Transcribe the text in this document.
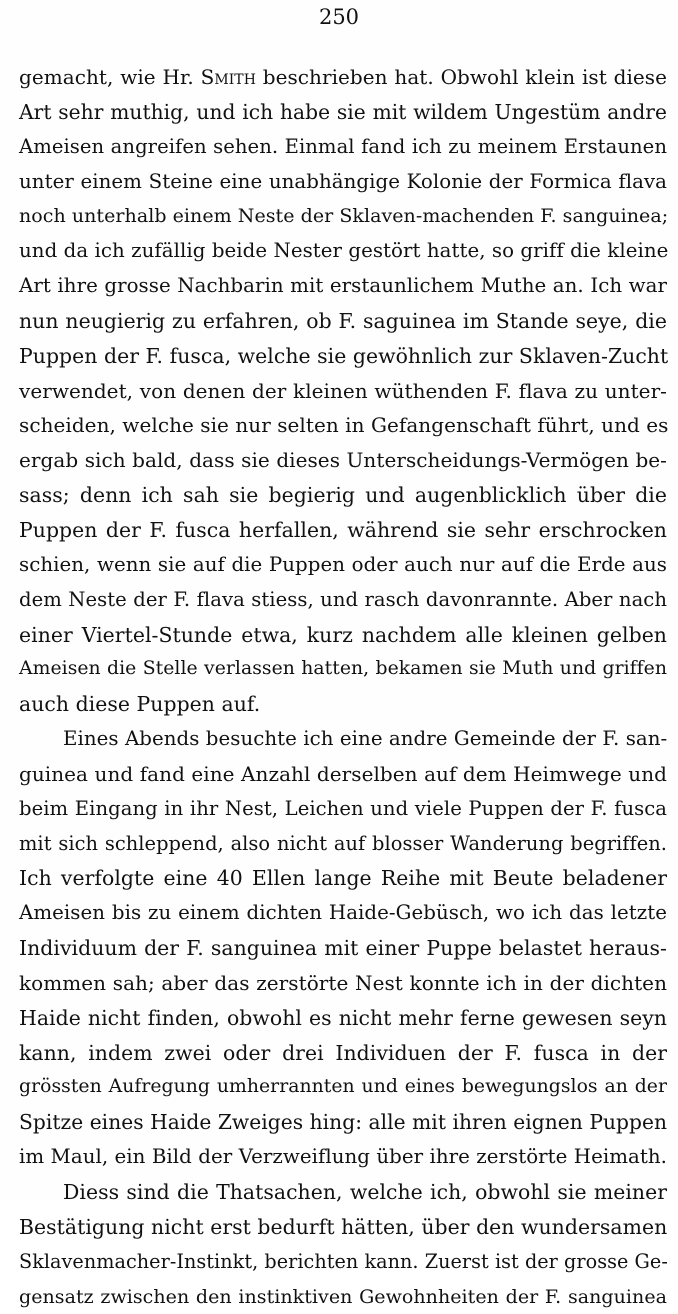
250
gemacht, wie Hr. Smith beschrieben hat. Obwohl klein ist diese
Art sehr muthig, und ich habe sie mit wildem Ungestüm andre
Ameisen angreifen sehen. Einmal fand ich zu meinem Erstaunen
unter einem Steine eine unabhängige Kolonie der Formica flava
noch unterhalb einem Neste der Sklaven-machenden F. sanguinea;
und da ich zufällig beide Nester gestört hatte, so griff die kleine
Art ihre grosse Nachbarin mit erstaunlichem Muthe an. Ich war
nun neugierig zu erfahren, ob F. saguinea im Stande seye, die
Puppen der F. fusca, welche sie gewöhnlich zur Sklaven-Zucht
verwendet, von denen der kleinen wüthenden F. flava zu unter-
scheiden, welche sie nur selten in Gefangenschaft führt, und es
ergab sich bald, dass sie dieses Unterscheidungs-Vermögen be-
sass; denn ich sah sie begierig und augenblicklich über die
Puppen der F. fusca herfallen, während sie sehr erschrocken
schien, wenn sie auf die Puppen oder auch nur auf die Erde aus
dem Neste der F. flava stiess, und rasch davonrannte. Aber nach
einer Viertel-Stunde etwa, kurz nachdem alle kleinen gelben
Ameisen die Stelle verlassen hatten, bekamen sie Muth und griffen
auch diese Puppen auf.
Eines Abends besuchte ich eine andre Gemeinde der F. san-
guinea und fand eine Anzahl derselben auf dem Heimwege und
beim Eingang in ihr Nest, Leichen und viele Puppen der F. fusca
mit sich schleppend, also nicht auf blosser Wanderung begriffen.
Ich verfolgte eine 40 Ellen lange Reihe mit Beute beladener
Ameisen bis zu einem dichten Haide-Gebüsch, wo ich das letzte
Individuum der F. sanguinea mit einer Puppe belastet heraus-
kommen sah; aber das zerstörte Nest konnte ich in der dichten
Haide nicht finden, obwohl es nicht mehr ferne gewesen seyn
kann, indem zwei oder drei Individuen der F. fusca in der
grössten Aufregung umherrannten und eines bewegungslos an der
Spitze eines Haide Zweiges hing: alle mit ihren eignen Puppen
im Maul, ein Bild der Verzweiflung über ihre zerstörte Heimath.
Diess sind die Thatsachen, welche ich, obwohl sie meiner
Bestätigung nicht erst bedurft hätten, über den wundersamen
Sklavenmacher-Instinkt, berichten kann. Zuerst ist der grosse Ge-
gensatz zwischen den instinktiven Gewohnheiten der F. sanguinea
